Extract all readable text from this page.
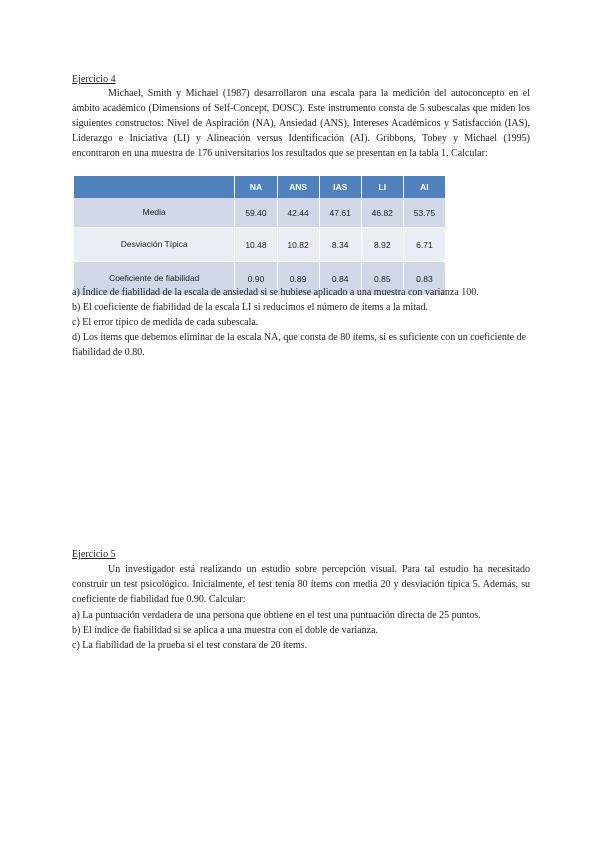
Ejercicio 4
Michael, Smith y Michael (1987) desarrollaron una escala para la medición del autoconcepto en el ámbito académico (Dimensions of Self-Concept, DOSC). Este instrumento consta de 5 subescalas que miden los siguientes constructos: Nivel de Aspiración (NA), Ansiedad (ANS), Intereses Académicos y Satisfacción (IAS), Liderazgo e Iniciativa (LI) y Alineación versus Identificación (AI). Gribbons, Tobey y Michael (1995) encontraron en una muestra de 176 universitarios los resultados que se presentan en la tabla 1. Calcular:
	NA	ANS	IAS	LI	AI
Media	59.40	42.44	47.61	46.82	53.75
Desviación Típica	10.48	10.82	8.34	8.92	6.71
Coeficiente de fiabilidad	0.90	0.89	0.84	0.85	0.83
a) Índice de fiabilidad de la escala de ansiedad si se hubiese aplicado a una muestra con varianza 100.
b) El coeficiente de fiabilidad de la escala LI si reducimos el número de ítems a la mitad.
c) El error típico de medida de cada subescala.
d) Los ítems que debemos eliminar de la escala NA, que consta de 80 ítems, si es suficiente con un coeficiente de fiabilidad de 0.80.
Ejercicio 5
Un investigador está realizando un estudio sobre percepción visual. Para tal estudio ha necesitado construir un test psicológico. Inicialmente, el test tenía 80 ítems con media 20 y desviación típica 5. Además, su coeficiente de fiabilidad fue 0.90. Calcular:
a) La puntuación verdadera de una persona que obtiene en el test una puntuación directa de 25 puntos.
b) El índice de fiabilidad si se aplica a una muestra con el doble de varianza.
c) La fiabilidad de la prueba si el test constara de 20 ítems.
